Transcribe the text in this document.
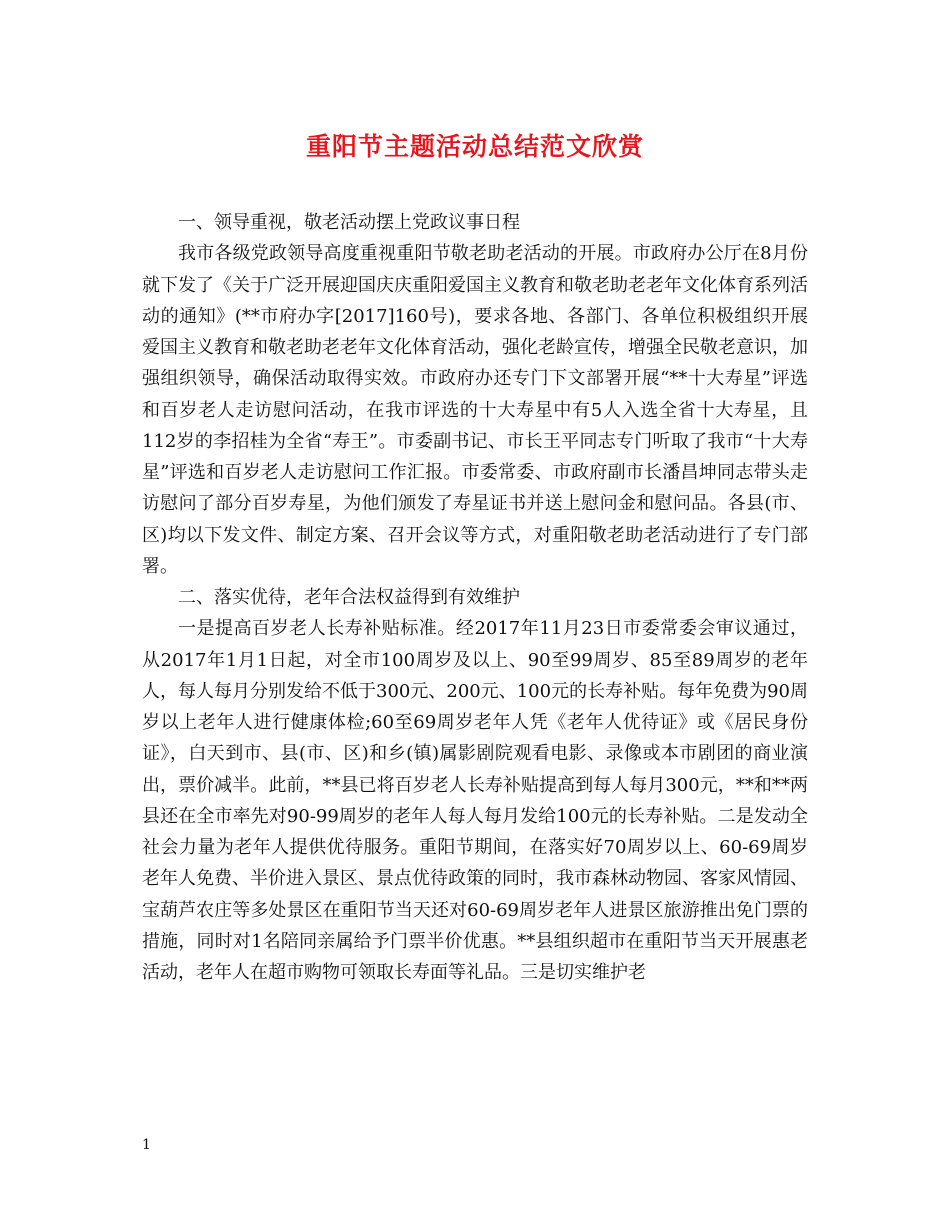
重阳节主题活动总结范文欣赏

一、领导重视，敬老活动摆上党政议事日程

我市各级党政领导高度重视重阳节敬老助老活动的开展。市政府办公厅在8月份就下发了《关于广泛开展迎国庆庆重阳爱国主义教育和敬老助老老年文化体育系列活动的通知》(**市府办字[2017]160号)，要求各地、各部门、各单位积极组织开展爱国主义教育和敬老助老老年文化体育活动，强化老龄宣传，增强全民敬老意识，加强组织领导，确保活动取得实效。市政府办还专门下文部署开展“**十大寿星”评选和百岁老人走访慰问活动，在我市评选的十大寿星中有5人入选全省十大寿星，且112岁的李招桂为全省“寿王”。市委副书记、市长王平同志专门听取了我市“十大寿星”评选和百岁老人走访慰问工作汇报。市委常委、市政府副市长潘昌坤同志带头走访慰问了部分百岁寿星，为他们颁发了寿星证书并送上慰问金和慰问品。各县(市、区)均以下发文件、制定方案、召开会议等方式，对重阳敬老助老活动进行了专门部署。

二、落实优待，老年合法权益得到有效维护

一是提高百岁老人长寿补贴标准。经2017年11月23日市委常委会审议通过，从2017年1月1日起，对全市100周岁及以上、90至99周岁、85至89周岁的老年人，每人每月分别发给不低于300元、200元、100元的长寿补贴。每年免费为90周岁以上老年人进行健康体检;60至69周岁老年人凭《老年人优待证》或《居民身份证》，白天到市、县(市、区)和乡(镇)属影剧院观看电影、录像或本市剧团的商业演出，票价减半。此前，**县已将百岁老人长寿补贴提高到每人每月300元，**和**两县还在全市率先对90-99周岁的老年人每人每月发给100元的长寿补贴。二是发动全社会力量为老年人提供优待服务。重阳节期间，在落实好70周岁以上、60-69周岁老年人免费、半价进入景区、景点优待政策的同时，我市森林动物园、客家风情园、宝葫芦农庄等多处景区在重阳节当天还对60-69周岁老年人进景区旅游推出免门票的措施，同时对1名陪同亲属给予门票半价优惠。**县组织超市在重阳节当天开展惠老活动，老年人在超市购物可领取长寿面等礼品。三是切实维护老

1
